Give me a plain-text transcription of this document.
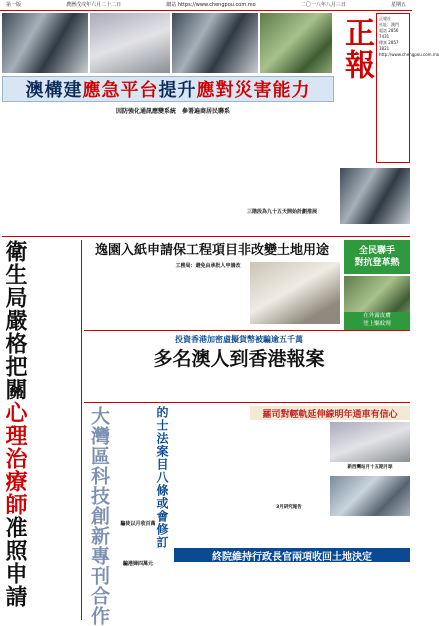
第一版	農曆戊戌年六月二十二日	網站 https://www.chengpou.com.mo	二〇一八年八月三日	星期五
正報	正報社
社址：澳門
電話 2856 7431
傳真 2857 3821
http://www.chengpou.com.mo
澳構建應急平台提升應對災害能力
因防強化通訊應變系統　參署遍商居民聯系
三階段為九十五天開始計劃推展
衛生局嚴格把關心理治療師准照申請
逸園入紙申請保工程項目非改變土地用途
工務局：避免由承批人申請改
全民聯手
對抗登革熱
在外露皮膚
塗上驅蚊劑
投資香港加密虛擬貨幣被騙逾五千萬
多名澳人到香港報案
大灣區科技創新專刊合作	的士法案目八條或會修訂
騙徒以月收百萬
騙港婦四萬元
羅司對輕軌延伸線明年通車有信心
新西灣站月十五期月球
3月研究報告
終院維持行政長官兩項收回土地決定
